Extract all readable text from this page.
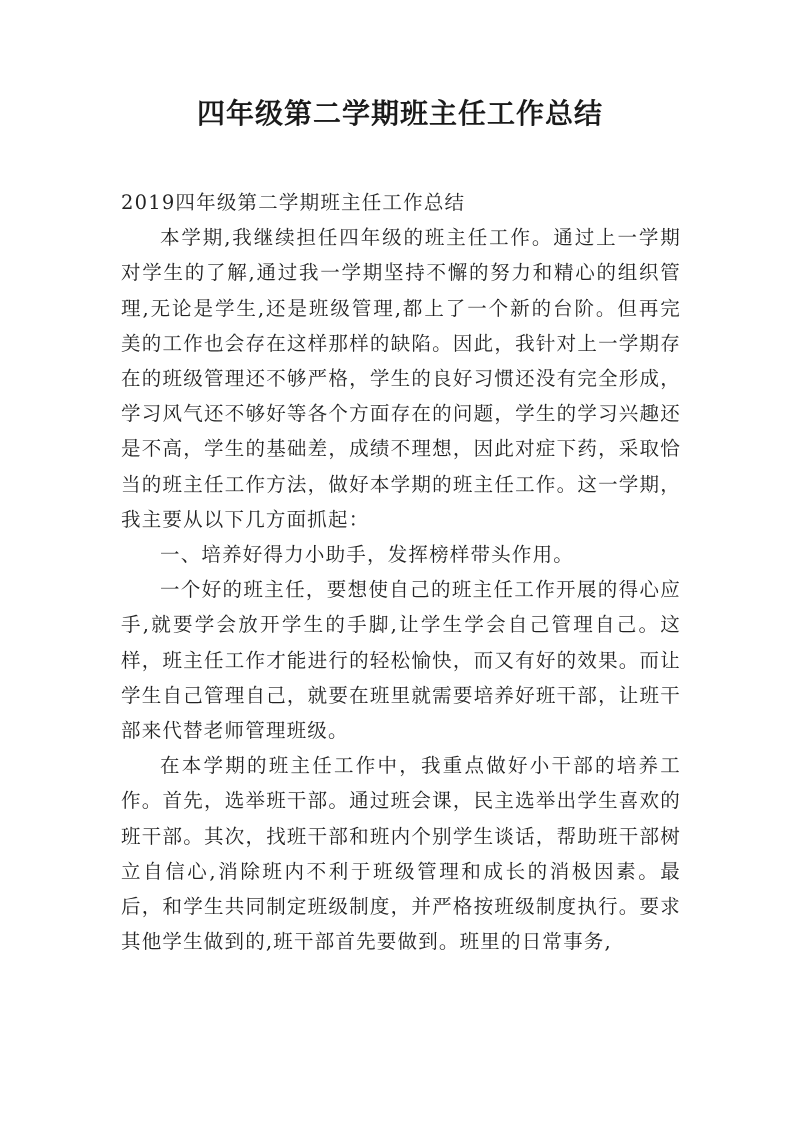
四年级第二学期班主任工作总结

2019四年级第二学期班主任工作总结

本学期,我继续担任四年级的班主任工作。通过上一学期对学生的了解,通过我一学期坚持不懈的努力和精心的组织管理,无论是学生,还是班级管理,都上了一个新的台阶。但再完美的工作也会存在这样那样的缺陷。因此，我针对上一学期存在的班级管理还不够严格，学生的良好习惯还没有完全形成，学习风气还不够好等各个方面存在的问题，学生的学习兴趣还是不高，学生的基础差，成绩不理想，因此对症下药，采取恰当的班主任工作方法，做好本学期的班主任工作。这一学期，我主要从以下几方面抓起：

一、培养好得力小助手，发挥榜样带头作用。

一个好的班主任，要想使自己的班主任工作开展的得心应手,就要学会放开学生的手脚,让学生学会自己管理自己。这样，班主任工作才能进行的轻松愉快，而又有好的效果。而让学生自己管理自己，就要在班里就需要培养好班干部，让班干部来代替老师管理班级。

在本学期的班主任工作中，我重点做好小干部的培养工作。首先，选举班干部。通过班会课，民主选举出学生喜欢的班干部。其次，找班干部和班内个别学生谈话，帮助班干部树立自信心,消除班内不利于班级管理和成长的消极因素。最后，和学生共同制定班级制度，并严格按班级制度执行。要求其他学生做到的,班干部首先要做到。班里的日常事务,
